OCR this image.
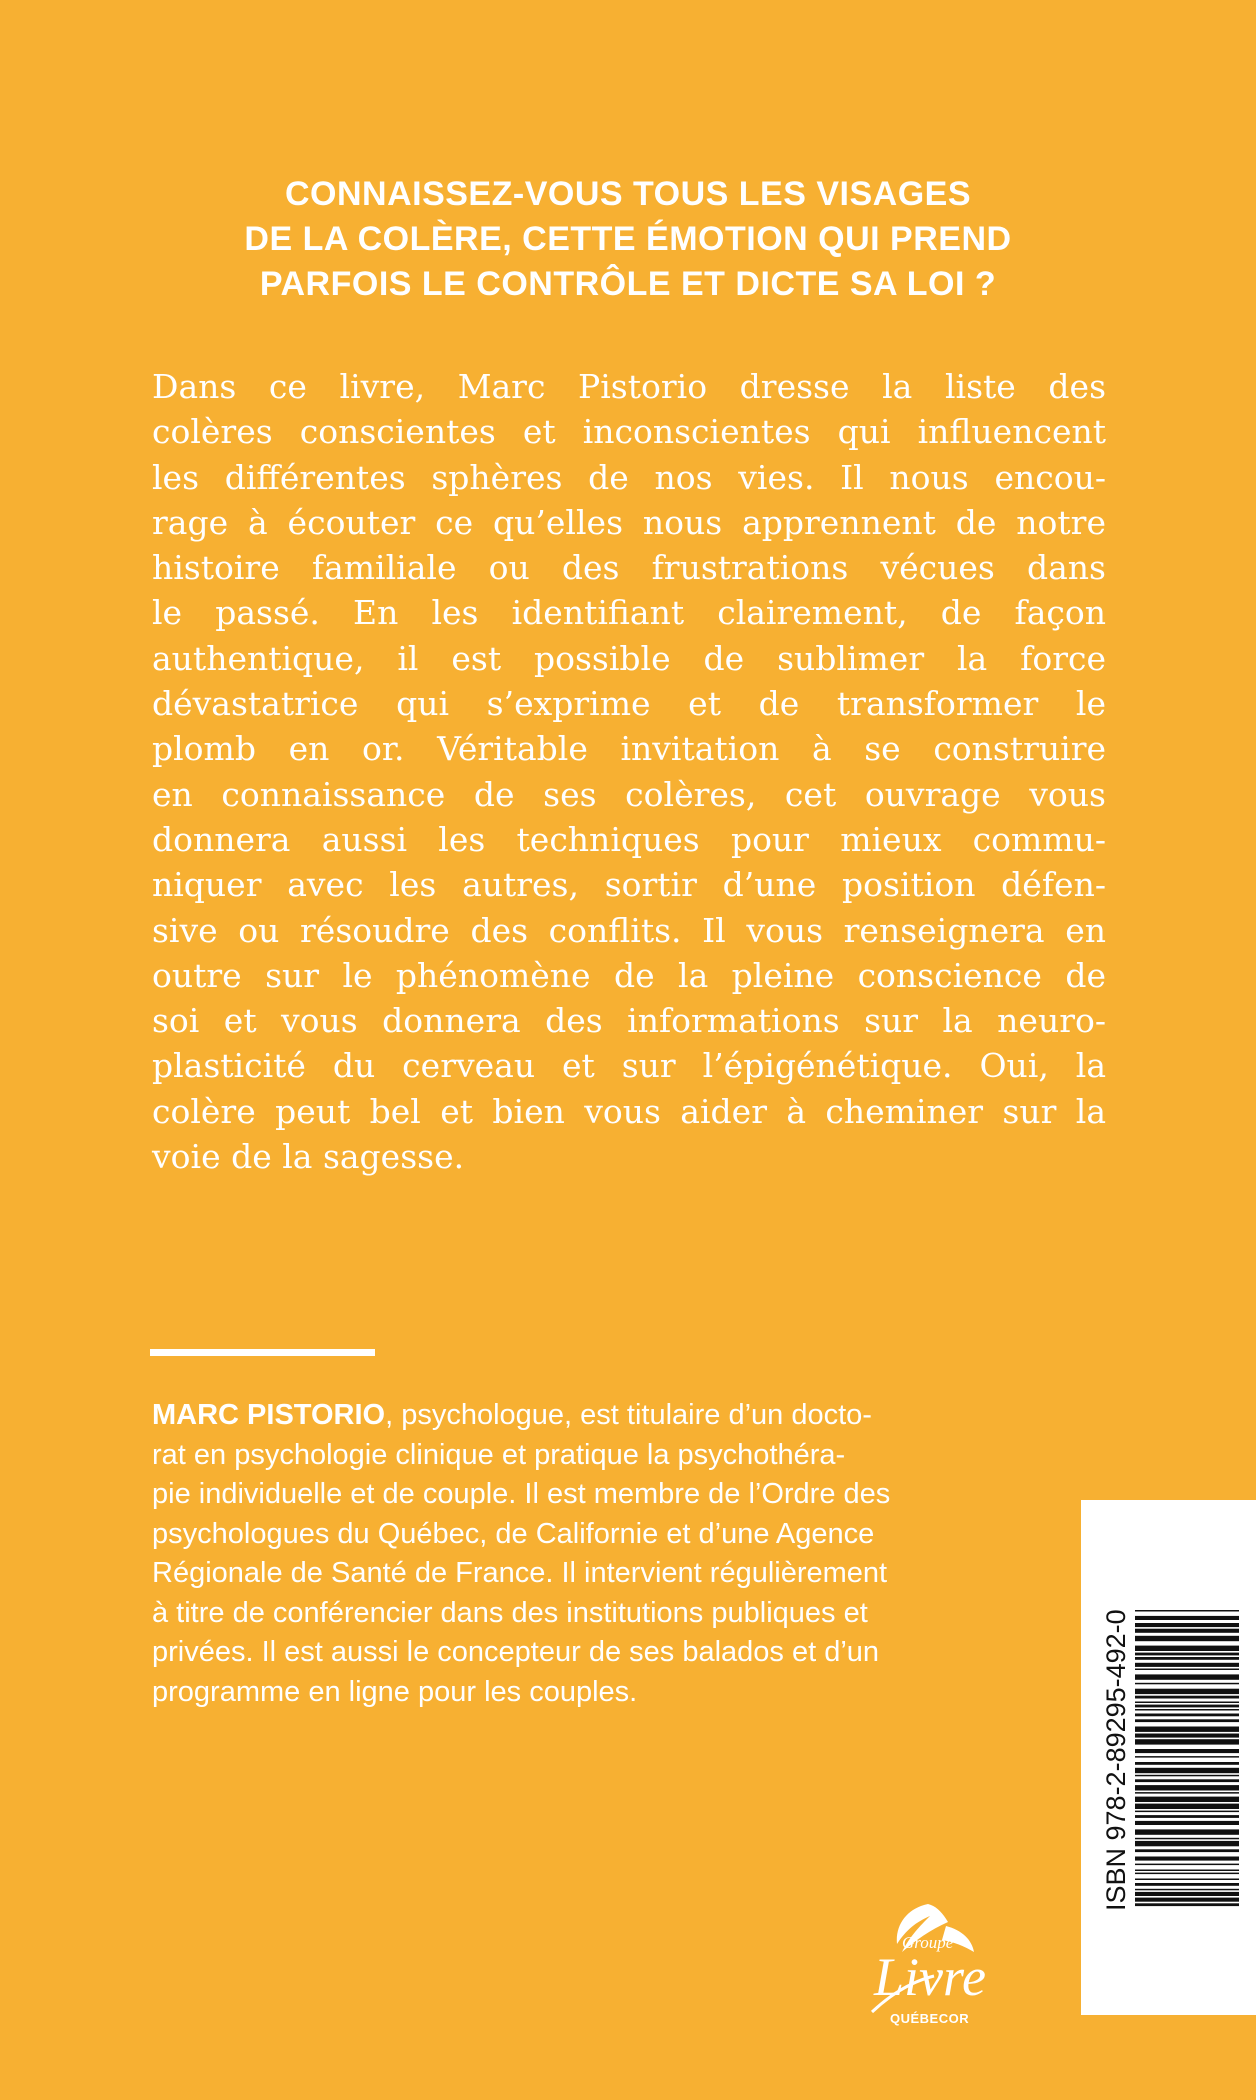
CONNAISSEZ-VOUS TOUS LES VISAGES
DE LA COLÈRE, CETTE ÉMOTION QUI PREND
PARFOIS LE CONTRÔLE ET DICTE SA LOI ?
Dans ce livre, Marc Pistorio dresse la liste des
colères conscientes et inconscientes qui influencent
les différentes sphères de nos vies. Il nous encou-
rage à écouter ce qu’elles nous apprennent de notre
histoire familiale ou des frustrations vécues dans
le passé. En les identifiant clairement, de façon
authentique, il est possible de sublimer la force
dévastatrice qui s’exprime et de transformer le
plomb en or. Véritable invitation à se construire
en connaissance de ses colères, cet ouvrage vous
donnera aussi les techniques pour mieux commu-
niquer avec les autres, sortir d’une position défen-
sive ou résoudre des conflits. Il vous renseignera en
outre sur le phénomène de la pleine conscience de
soi et vous donnera des informations sur la neuro-
plasticité du cerveau et sur l’épigénétique. Oui, la
colère peut bel et bien vous aider à cheminer sur la
voie de la sagesse.
MARC PISTORIO, psychologue, est titulaire d’un docto-
rat en psychologie clinique et pratique la psychothéra-
pie individuelle et de couple. Il est membre de l’Ordre des
psychologues du Québec, de Californie et d’une Agence
Régionale de Santé de France. Il intervient régulièrement
à titre de conférencier dans des institutions publiques et
privées. Il est aussi le concepteur de ses balados et d’un
programme en ligne pour les couples.	ISBN 978-2-89295-492-0
Groupe
Livre
QUÉBECOR
